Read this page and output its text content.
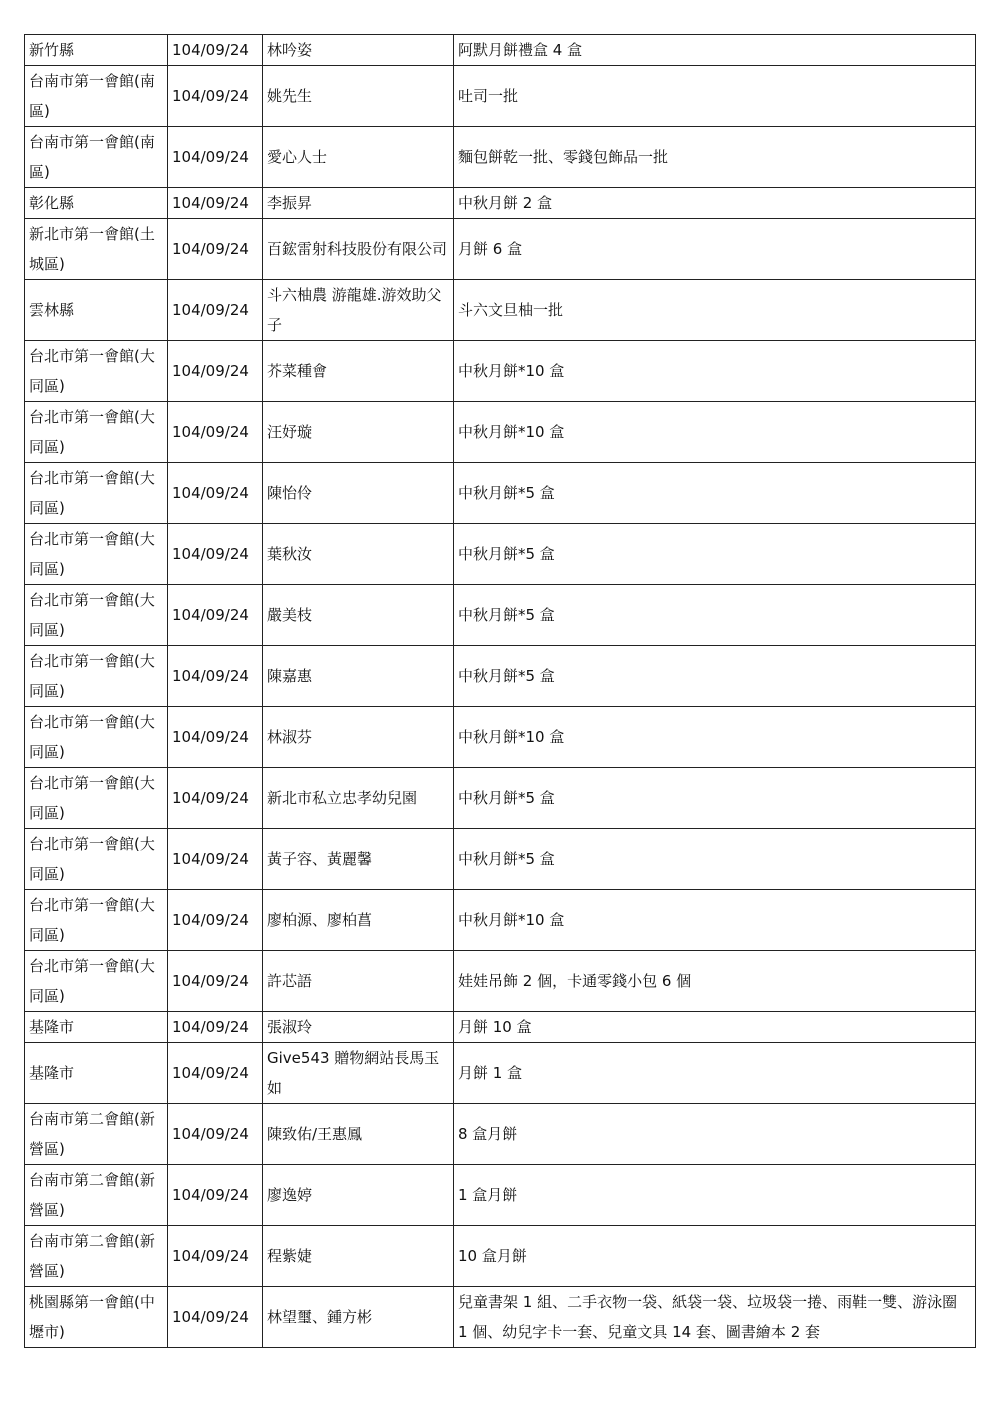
新竹縣	104/09/24	林吟姿	阿默月餅禮盒 4 盒

台南市第一會館(南區)	104/09/24	姚先生	吐司一批

台南市第一會館(南區)	104/09/24	愛心人士	麵包餅乾一批、零錢包飾品一批

彰化縣	104/09/24	李振昇	中秋月餅 2 盒

新北市第一會館(土城區)	104/09/24	百鋐雷射科技股份有限公司	月餅 6 盒

雲林縣	104/09/24	斗六柚農 游龍雄.游效助父子	斗六文旦柚一批

台北市第一會館(大同區)	104/09/24	芥菜種會	中秋月餅*10 盒

台北市第一會館(大同區)	104/09/24	汪妤璇	中秋月餅*10 盒

台北市第一會館(大同區)	104/09/24	陳怡伶	中秋月餅*5 盒

台北市第一會館(大同區)	104/09/24	葉秋汝	中秋月餅*5 盒

台北市第一會館(大同區)	104/09/24	嚴美枝	中秋月餅*5 盒

台北市第一會館(大同區)	104/09/24	陳嘉惠	中秋月餅*5 盒

台北市第一會館(大同區)	104/09/24	林淑芬	中秋月餅*10 盒

台北市第一會館(大同區)	104/09/24	新北市私立忠孝幼兒園	中秋月餅*5 盒

台北市第一會館(大同區)	104/09/24	黃子容、黃麗馨	中秋月餅*5 盒

台北市第一會館(大同區)	104/09/24	廖柏源、廖柏菖	中秋月餅*10 盒

台北市第一會館(大同區)	104/09/24	許芯語	娃娃吊飾 2 個，卡通零錢小包 6 個

基隆市	104/09/24	張淑玲	月餅 10 盒

基隆市	104/09/24	Give543 贈物網站長馬玉如	月餅 1 盒

台南市第二會館(新營區)	104/09/24	陳致佑/王惠鳳	8 盒月餅

台南市第二會館(新營區)	104/09/24	廖逸婷	1 盒月餅

台南市第二會館(新營區)	104/09/24	程紫婕	10 盒月餅

桃園縣第一會館(中壢市)	104/09/24	林望璽、鍾方彬	兒童書架 1 組、二手衣物一袋、紙袋一袋、垃圾袋一捲、雨鞋一雙、游泳圈 1 個、幼兒字卡一套、兒童文具 14 套、圖書繪本 2 套
